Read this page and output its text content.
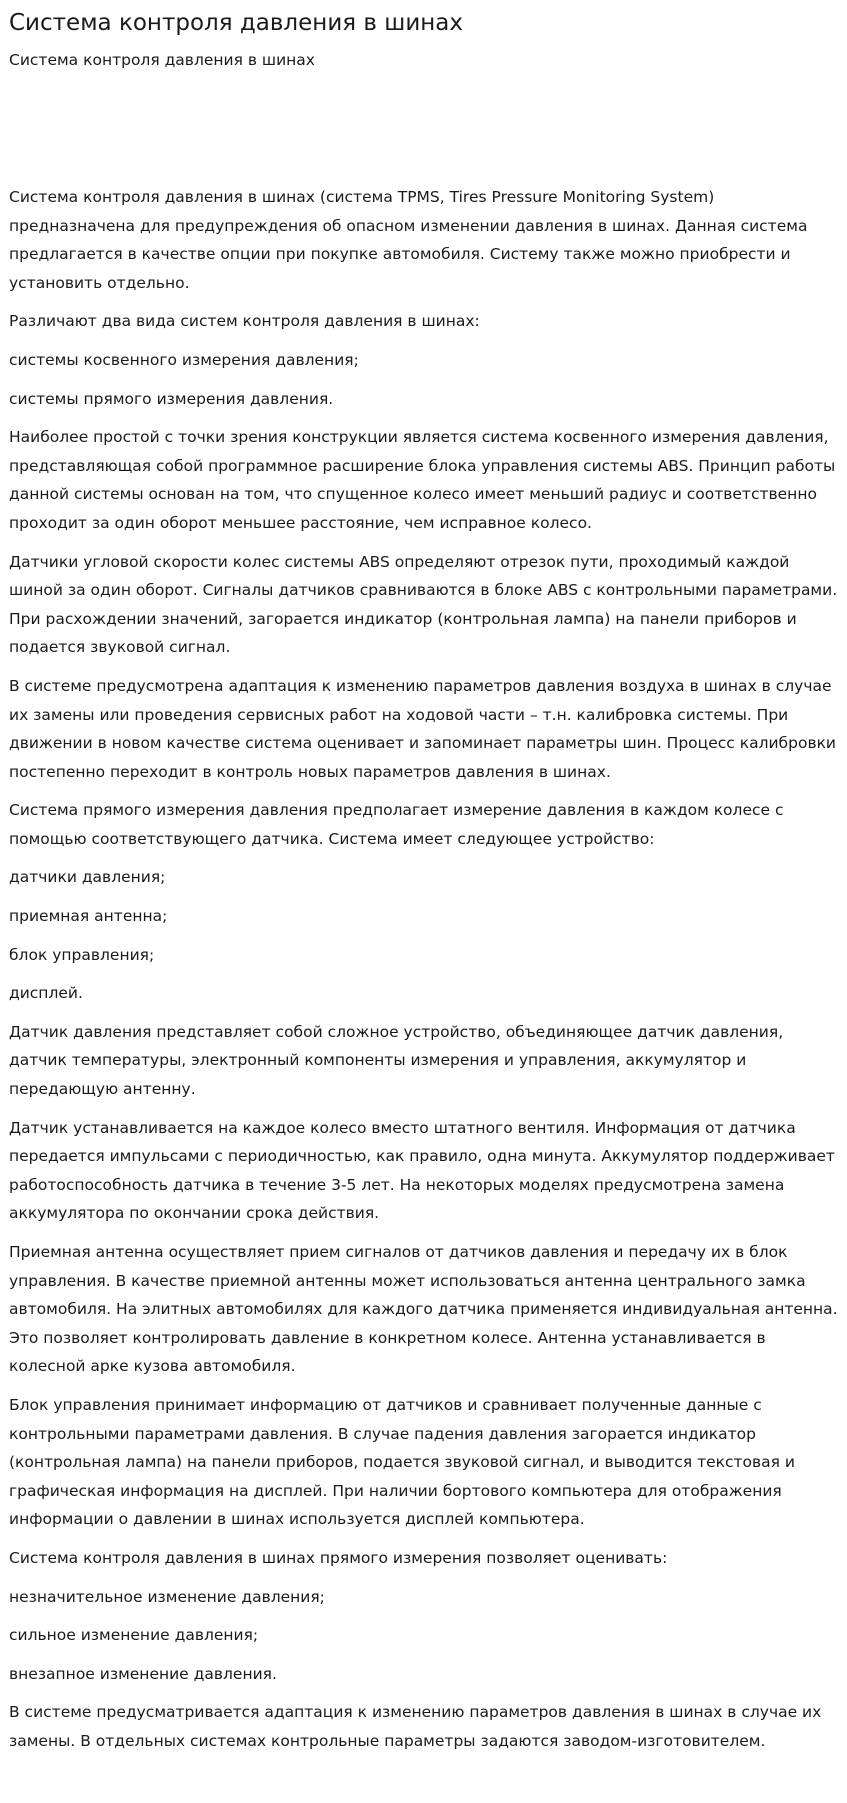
Система контроля давления в шинах
Система контроля давления в шинах

Система контроля давления в шинах (система TPMS, Tires Pressure Monitoring System) предназначена для предупреждения об опасном изменении давления в шинах. Данная система предлагается в качестве опции при покупке автомобиля. Систему также можно приобрести и установить отдельно.

Различают два вида систем контроля давления в шинах:

системы косвенного измерения давления;

системы прямого измерения давления.

Наиболее простой с точки зрения конструкции является система косвенного измерения давления, представляющая собой программное расширение блока управления системы ABS. Принцип работы данной системы основан на том, что спущенное колесо имеет меньший радиус и соответственно проходит за один оборот меньшее расстояние, чем исправное колесо.

Датчики угловой скорости колес системы ABS определяют отрезок пути, проходимый каждой шиной за один оборот. Сигналы датчиков сравниваются в блоке ABS с контрольными параметрами. При расхождении значений, загорается индикатор (контрольная лампа) на панели приборов и подается звуковой сигнал.

В системе предусмотрена адаптация к изменению параметров давления воздуха в шинах в случае их замены или проведения сервисных работ на ходовой части – т.н. калибровка системы. При движении в новом качестве система оценивает и запоминает параметры шин. Процесс калибровки постепенно переходит в контроль новых параметров давления в шинах.

Система прямого измерения давления предполагает измерение давления в каждом колесе с помощью соответствующего датчика. Система имеет следующее устройство:

датчики давления;

приемная антенна;

блок управления;

дисплей.

Датчик давления представляет собой сложное устройство, объединяющее датчик давления, датчик температуры, электронный компоненты измерения и управления, аккумулятор и передающую антенну.

Датчик устанавливается на каждое колесо вместо штатного вентиля. Информация от датчика передается импульсами с периодичностью, как правило, одна минута. Аккумулятор поддерживает работоспособность датчика в течение 3-5 лет. На некоторых моделях предусмотрена замена аккумулятора по окончании срока действия.

Приемная антенна осуществляет прием сигналов от датчиков давления и передачу их в блок управления. В качестве приемной антенны может использоваться антенна центрального замка автомобиля. На элитных автомобилях для каждого датчика применяется индивидуальная антенна. Это позволяет контролировать давление в конкретном колесе. Антенна устанавливается в колесной арке кузова автомобиля.

Блок управления принимает информацию от датчиков и сравнивает полученные данные с контрольными параметрами давления. В случае падения давления загорается индикатор (контрольная лампа) на панели приборов, подается звуковой сигнал, и выводится текстовая и графическая информация на дисплей. При наличии бортового компьютера для отображения информации о давлении в шинах используется дисплей компьютера.

Система контроля давления в шинах прямого измерения позволяет оценивать:

незначительное изменение давления;

сильное изменение давления;

внезапное изменение давления.

В системе предусматривается адаптация к изменению параметров давления в шинах в случае их замены. В отдельных системах контрольные параметры задаются заводом-изготовителем.
